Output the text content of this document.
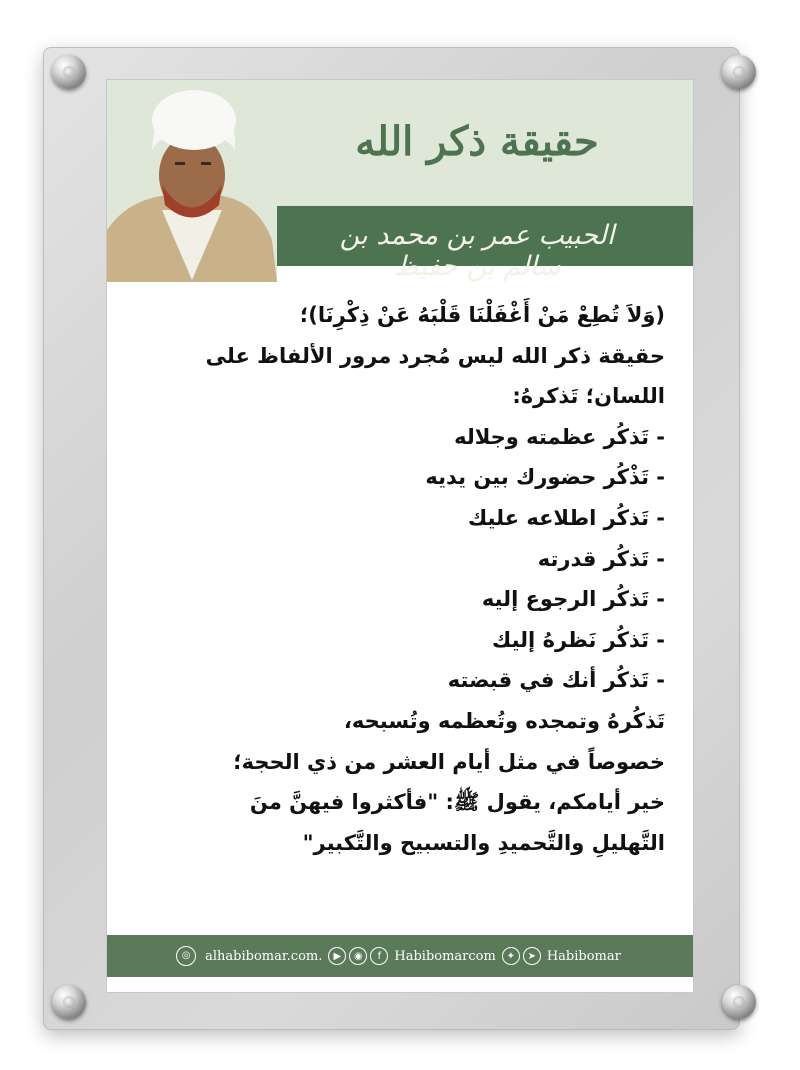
حقيقة ذكر الله
الحبيب عمر بن محمد بن سالم بن حفيظ
(وَلاَ تُطِعْ مَنْ أَغْفَلْنَا قَلْبَهُ عَنْ ذِكْرِنَا)؛
حقيقة ذكر الله ليس مُجرد مرور الألفاظ على
اللسان؛ تَذكرهُ:
- تَذكُر عظمته وجلاله
- تَذْكُر حضورك بين يديه
- تَذكُر اطلاعه عليك
- تَذكُر قدرته
- تَذكُر الرجوع إليه
- تَذكُر نَظرهُ إليك
- تَذكُر أنك في قبضته
تَذكُرهُ وتمجده وتُعظمه وتُسبحه،
خصوصاً في مثل أيام العشر من ذي الحجة؛
خير أيامكم، يقول ﷺ: "فأكثروا فيهنَّ منَ
التَّهليلِ والتَّحميدِ والتسبيح والتَّكبير"
◎	alhabibomar.com.	▶	◉	f	Habibomarcom	✦	➤ Habibomar
